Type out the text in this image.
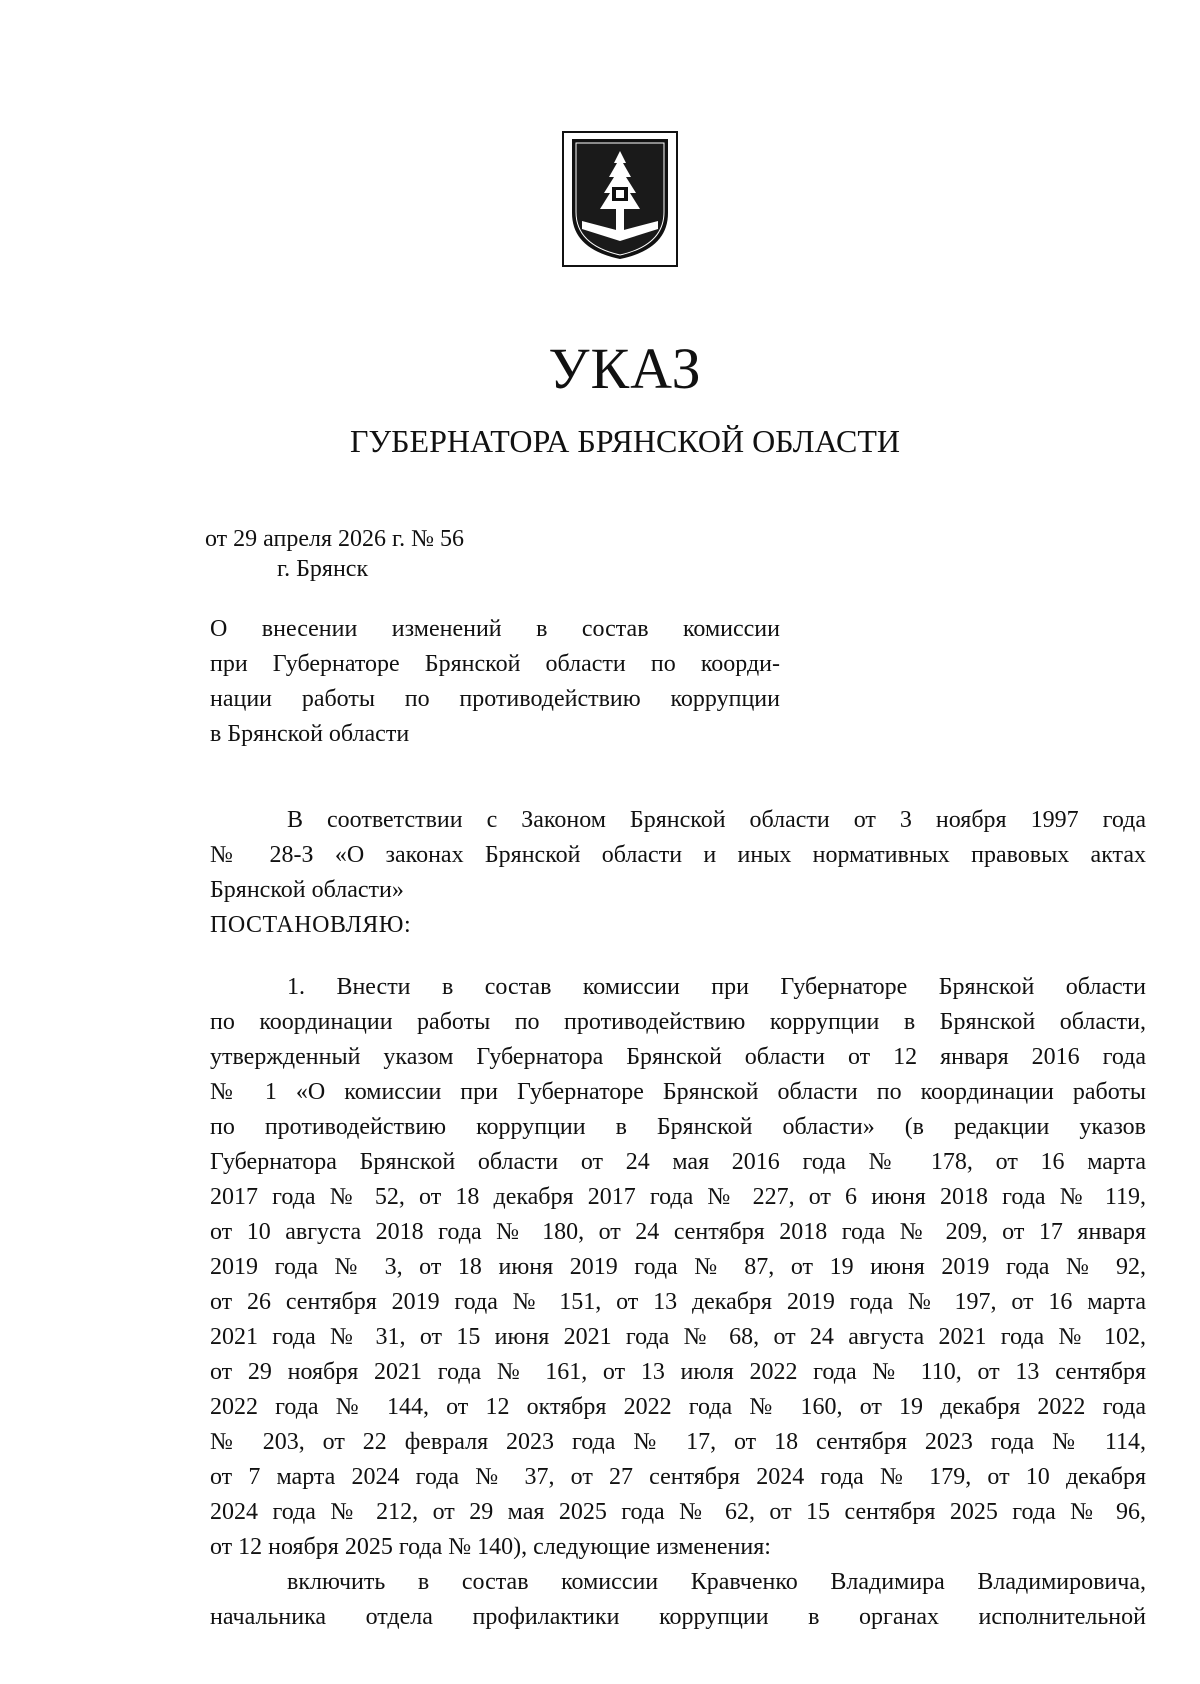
УКАЗ
ГУБЕРНАТОРА БРЯНСКОЙ ОБЛАСТИ
от 29 апреля 2026 г. № 56
г. Брянск
О внесении изменений в состав комиссии
при Губернаторе Брянской области по коорди-
нации работы по противодействию коррупции
в Брянской области
В соответствии с Законом Брянской области от 3 ноября 1997 года
№ 28-З «О законах Брянской области и иных нормативных правовых актах
Брянской области»
ПОСТАНОВЛЯЮ:
1. Внести в состав комиссии при Губернаторе Брянской области
по координации работы по противодействию коррупции в Брянской области,
утвержденный указом Губернатора Брянской области от 12 января 2016 года
№ 1 «О комиссии при Губернаторе Брянской области по координации работы
по противодействию коррупции в Брянской области» (в редакции указов
Губернатора Брянской области от 24 мая 2016 года № 178, от 16 марта
2017 года № 52, от 18 декабря 2017 года № 227, от 6 июня 2018 года № 119,
от 10 августа 2018 года № 180, от 24 сентября 2018 года № 209, от 17 января
2019 года № 3, от 18 июня 2019 года № 87, от 19 июня 2019 года № 92,
от 26 сентября 2019 года № 151, от 13 декабря 2019 года № 197, от 16 марта
2021 года № 31, от 15 июня 2021 года № 68, от 24 августа 2021 года № 102,
от 29 ноября 2021 года № 161, от 13 июля 2022 года № 110, от 13 сентября
2022 года № 144, от 12 октября 2022 года № 160, от 19 декабря 2022 года
№ 203, от 22 февраля 2023 года № 17, от 18 сентября 2023 года № 114,
от 7 марта 2024 года № 37, от 27 сентября 2024 года № 179, от 10 декабря
2024 года № 212, от 29 мая 2025 года № 62, от 15 сентября 2025 года № 96,
от 12 ноября 2025 года № 140), следующие изменения:
включить в состав комиссии Кравченко Владимира Владимировича,
начальника отдела профилактики коррупции в органах исполнительной
